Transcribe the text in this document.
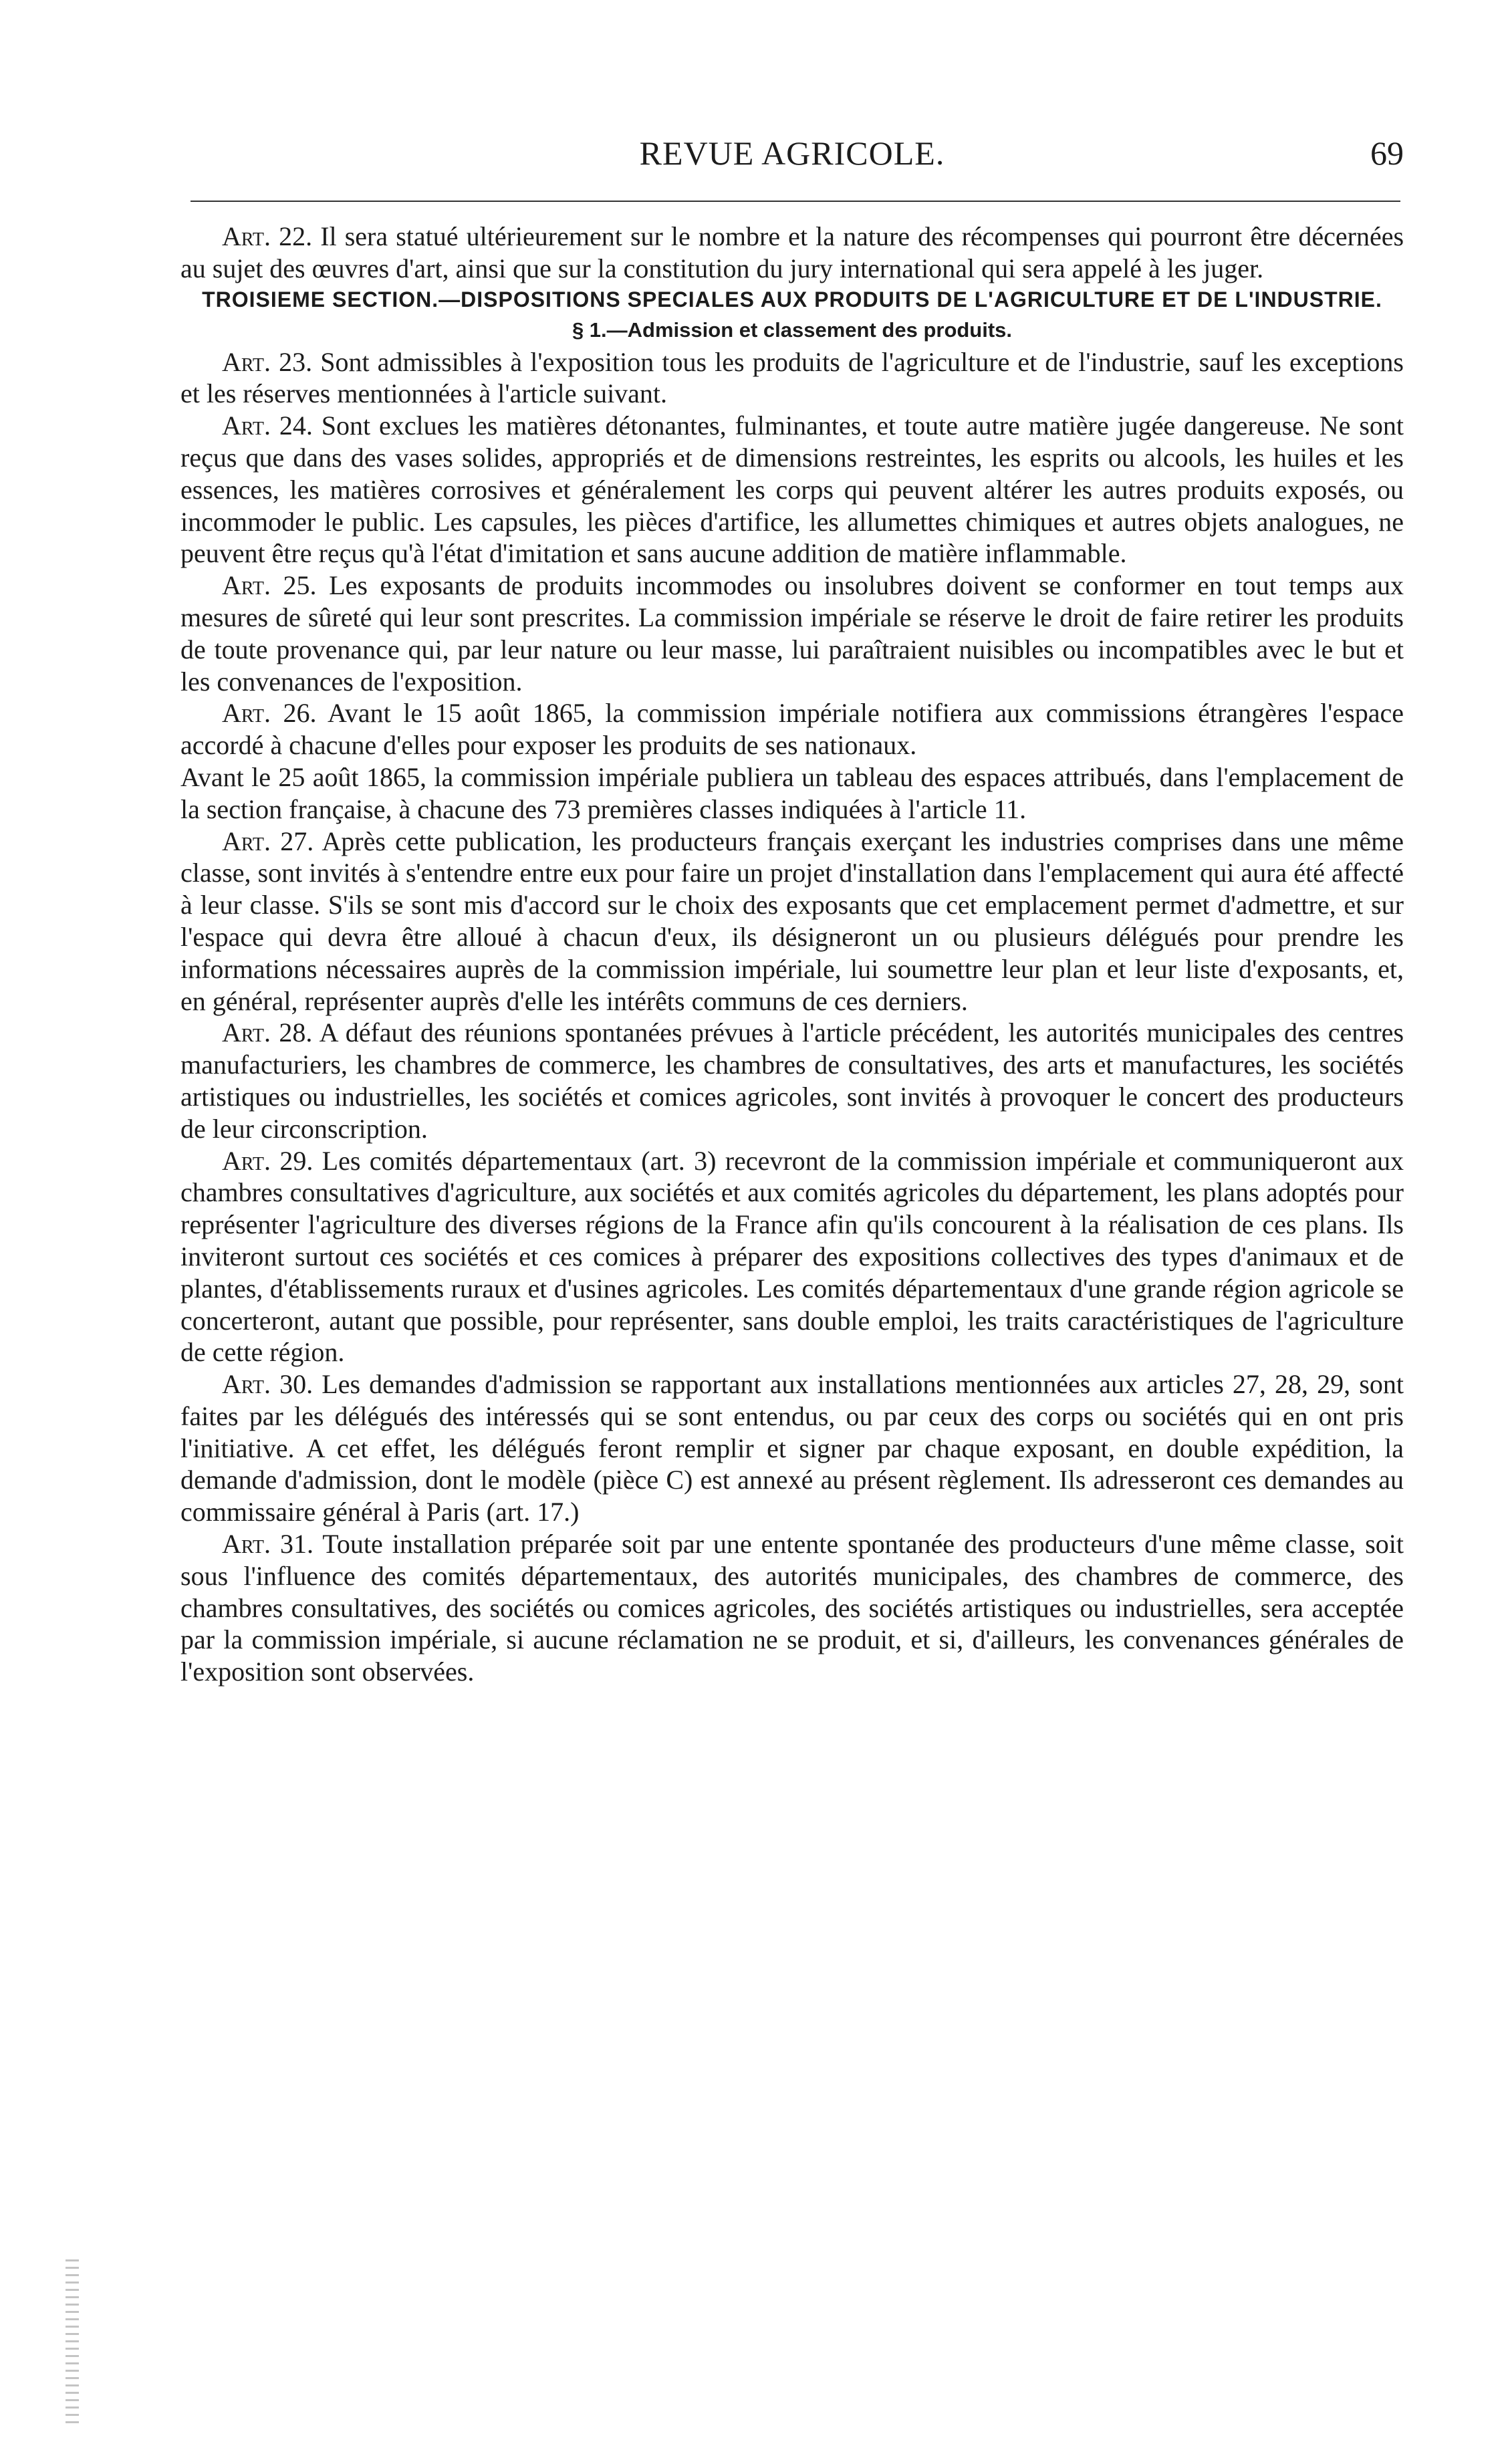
REVUE AGRICOLE.	69

Art. 22. Il sera statué ultérieurement sur le nombre et la nature des récompenses qui pourront être décernées au sujet des œuvres d'art, ainsi que sur la constitution du jury international qui sera appelé à les juger.

TROISIEME SECTION.—DISPOSITIONS SPECIALES AUX PRODUITS DE L'AGRICULTURE ET DE L'INDUSTRIE.

§ 1.—Admission et classement des produits.

Art. 23. Sont admissibles à l'exposition tous les produits de l'agriculture et de l'industrie, sauf les exceptions et les réserves mentionnées à l'article suivant.

Art. 24. Sont exclues les matières détonantes, fulminantes, et toute autre matière jugée dangereuse. Ne sont reçus que dans des vases solides, appropriés et de dimensions restreintes, les esprits ou alcools, les huiles et les essences, les matières corrosives et généralement les corps qui peuvent altérer les autres produits exposés, ou incommoder le public. Les capsules, les pièces d'artifice, les allumettes chimiques et autres objets analogues, ne peuvent être reçus qu'à l'état d'imitation et sans aucune addition de matière inflammable.

Art. 25. Les exposants de produits incommodes ou insolubres doivent se conformer en tout temps aux mesures de sûreté qui leur sont prescrites. La commission impériale se réserve le droit de faire retirer les produits de toute provenance qui, par leur nature ou leur masse, lui paraîtraient nuisibles ou incompatibles avec le but et les convenances de l'exposition.

Art. 26. Avant le 15 août 1865, la commission impériale notifiera aux commissions étrangères l'espace accordé à chacune d'elles pour exposer les produits de ses nationaux.

Avant le 25 août 1865, la commission impériale publiera un tableau des espaces attribués, dans l'emplacement de la section française, à chacune des 73 premières classes indiquées à l'article 11.

Art. 27. Après cette publication, les producteurs français exerçant les industries comprises dans une même classe, sont invités à s'entendre entre eux pour faire un projet d'installation dans l'emplacement qui aura été affecté à leur classe. S'ils se sont mis d'accord sur le choix des exposants que cet emplacement permet d'admettre, et sur l'espace qui devra être alloué à chacun d'eux, ils désigneront un ou plusieurs délégués pour prendre les informations nécessaires auprès de la commission impériale, lui soumettre leur plan et leur liste d'exposants, et, en général, représenter auprès d'elle les intérêts communs de ces derniers.

Art. 28. A défaut des réunions spontanées prévues à l'article précédent, les autorités municipales des centres manufacturiers, les chambres de commerce, les chambres de consultatives, des arts et manufactures, les sociétés artistiques ou industrielles, les sociétés et comices agricoles, sont invités à provoquer le concert des producteurs de leur circonscription.

Art. 29. Les comités départementaux (art. 3) recevront de la commission impériale et communiqueront aux chambres consultatives d'agriculture, aux sociétés et aux comités agricoles du département, les plans adoptés pour représenter l'agriculture des diverses régions de la France afin qu'ils concourent à la réalisation de ces plans. Ils inviteront surtout ces sociétés et ces comices à préparer des expositions collectives des types d'animaux et de plantes, d'établissements ruraux et d'usines agricoles. Les comités départementaux d'une grande région agricole se concerteront, autant que possible, pour représenter, sans double emploi, les traits caractéristiques de l'agriculture de cette région.

Art. 30. Les demandes d'admission se rapportant aux installations mentionnées aux articles 27, 28, 29, sont faites par les délégués des intéressés qui se sont entendus, ou par ceux des corps ou sociétés qui en ont pris l'initiative. A cet effet, les délégués feront remplir et signer par chaque exposant, en double expédition, la demande d'admission, dont le modèle (pièce C) est annexé au présent règlement. Ils adresseront ces demandes au commissaire général à Paris (art. 17.)

Art. 31. Toute installation préparée soit par une entente spontanée des producteurs d'une même classe, soit sous l'influence des comités départementaux, des autorités municipales, des chambres de commerce, des chambres consultatives, des sociétés ou comices agricoles, des sociétés artistiques ou industrielles, sera acceptée par la commission impériale, si aucune réclamation ne se produit, et si, d'ailleurs, les convenances générales de l'exposition sont observées.
